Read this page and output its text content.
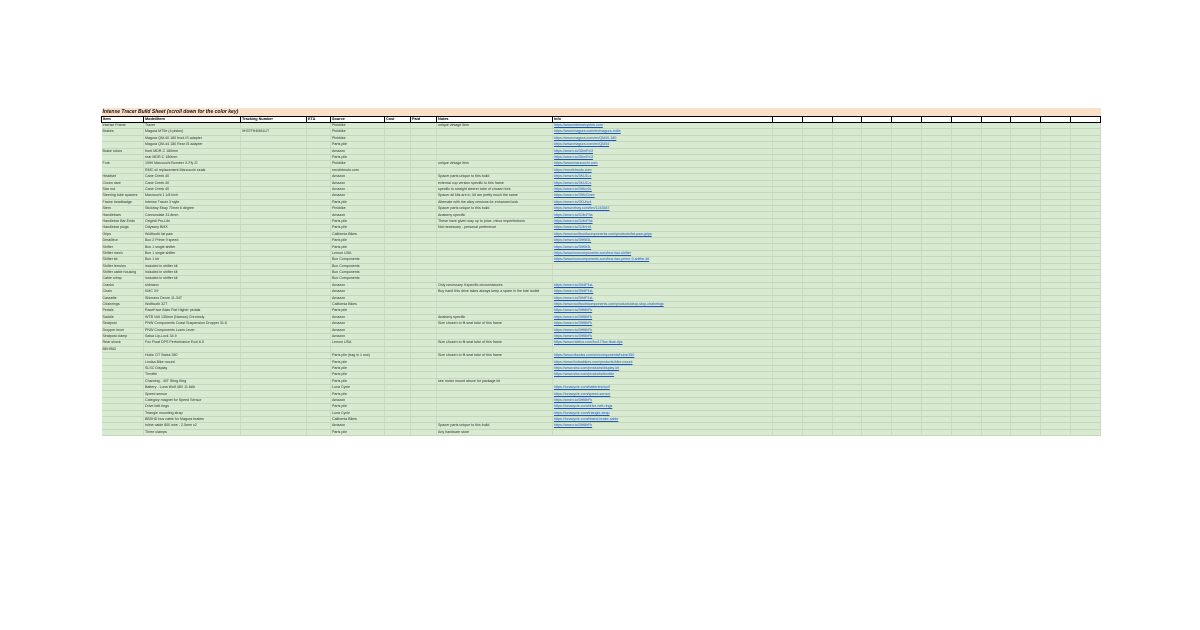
Intense Tracer Build Sheet (scroll down for the color key)																			
Item	Model/Item	Tracking Number	ETA	Source	Cost	Paid	Notes	Info											
Intense Frame	Tracer			Pinkbike			unique vintage item	https://www.intensecycles.com											
Brakes	Magura MT5e (4 piston)	9H37FH4M61UT		Pinkbike				https://www.magura.com/en/magura-mt5e											
	Magura QM-40 180 front IS adapter			Pinkbike				https://www.magura.com/en/QM40-180											
	Magura QM-44 180 Rear IS adapter			Parts pile				https://www.magura.com/en/QM44											
Brake rotors	front MDR-C 180mm			Amazon				https://amzn.to/3DmRr1f											
	rear MDR-C 180mm			Parts pile				https://amzn.to/3DmRr1f											
Fork	1999 Marzocchi Bomber X-Fly ZI			Pinkbike			unique vintage item	https://www.marzocchi.com											
	RMC oil replacement Marzocchi seals			rmcdirtmoto.com				https://rmcdirtmoto.com											
Headset	Cane Creek 40			Amazon			Spacer parts unique to this build	https://amzn.to/3KU1Ls											
Crown race	Cane Creek 40			Amazon			external cup version specific to this frame	https://amzn.to/3KU1Ls											
Star nut	Cane Creek 40			Amazon			specific to straight steerer tube of chosen fork	https://amzn.to/3Hfcx0L											
Steering tube spacers	Marzocchi 1 1/8 inch			Amazon			Spacer all kits are in, kit are pretty much the same	https://amzn.to/3HfcCmm											
Frame headbadge	Intense Tracer 3 style			Parts pile			Alternate with the alloy versions for enhanced look	https://amzn.to/3KUhc4											
Stem	Stickbay Ebay 70mm 6 degree			Pinkbike			Spacer parts unique to this build	https://www.ebay.com/itm/1243567											
Handlebars	Cannondale 31.8mm			Amazon			Anatomy specific	https://amzn.to/3J4nF9a											
Handlebar Bar Ends	Origin8 Pro-Lite			Parts pile			These have given way up to price, minor imperfections	https://amzn.to/3J4nF9a											
Handlebar plugs	Odyssey BMX			Parts pile			Not necessary - personal preference	https://amzn.to/3J4nHA											
Grips	Wolftooth fat paw			California Bikes				https://www.wolftoothcomponents.com/products/fat-paw-grips											
Derailleur	Box 2 Prime 9 speed			Parts pile				https://amzn.to/3Hf5t3L											
Shifter	Box 1 single shifter			Parts pile				https://amzn.to/3Hf5t3L											
Shifter mech	Box 1 single shifter			Lemon USA				https://www.boxcomponents.com/box-two-shifter											
Shifter kit	Box 1 kit			Box Components				https://www.boxcomponents.com/box-two-prime-9-shifter-kit											
Shifter ferrules	included in shifter kit			Box Components															
Shifter cable housing	included in shifter kit			Box Components															
Cable crimp	included in shifter kit			Box Components															
Cranks	shimano			Amazon			Only necessary if specific circumstances	https://amzn.to/3HdP1sL											
Chain	KMC X9			Amazon			Buy hard! this drive takes always keep a spare in the tote toolkit	https://amzn.to/3HdP1sL											
Cassette	Shimano Deore 11-34T			Amazon				https://amzn.to/3HdP1sL											
Chainrings	Wolftooth 32T			California Bikes				https://www.wolftoothcomponents.com/products/drop-stop-chainrings											
Pedals	RaceFace Atlas Flat Higher pedals			Parts pile				https://amzn.to/3Hf8hFk											
Saddle	WTB Volt 135mm (Narrow) Chromoly			Amazon			Anatomy specific	https://amzn.to/3Hf8hFk											
Seatpost	PNW Components Coast Suspension Dropper 31.6			Amazon			Size chosen to fit seat tube of this frame	https://amzn.to/3Hf8hFk											
Dropper lever	PNW Components Loam Lever			Amazon				https://amzn.to/3Hf8hFk											
Seatpost clamp	Salsa Lip-Lock 34.9			Amazon				https://amzn.to/3Hf8hFk											
Rear shock	Fox Float DPS Performance Evol 6.5			Lemon USA			Size chosen to fit seat tube of this frame	https://www.ridefox.com/fox17/fox-float-dps											
BEHIND																			
	Hubs: DT Swiss 350			Parts pile (bag in 1 row)			Size chosen to fit seat tube of this frame	https://www.dtswiss.com/en/components/hubs/350											
	Lindsa Bike mount			Parts pile				https://www.lindsabikes.com/products/bike-mount											
	SLSC Display			Parts pile				https://www.slsc.com/products/display-kit											
	Throttle			Parts pile				https://www.slsc.com/products/throttle											
	Charning - 40T Sting King			Parts pile			see motor mount above for package kit												
	Battery - Luna Wolf 48V 11.6Ah			Luna Cycle				https://lunacycle.com/batteries/wolf											
	Speed sensor			Parts pile				https://lunacycle.com/speed-sensor											
	Category magnet for Speed Sensor			Amazon				https://amzn.to/3Hf8hFk											
	Drive belt rings			Parts pile				https://lunacycle.com/drive-belt-rings											
	Triangle mounting strap			Luna Cycle				https://lunacycle.com/triangle-strap											
	BBSHD bus cable for Magura brakes			California Bikes				https://lunacycle.com/bbshd-brake-cable											
	Inline cable 800 wire - 2.5mm x2			Amazon			Spacer parts unique to this build	https://amzn.to/3Hf8hFk											
	Three clamps			Parts pile			Any hardware store												
